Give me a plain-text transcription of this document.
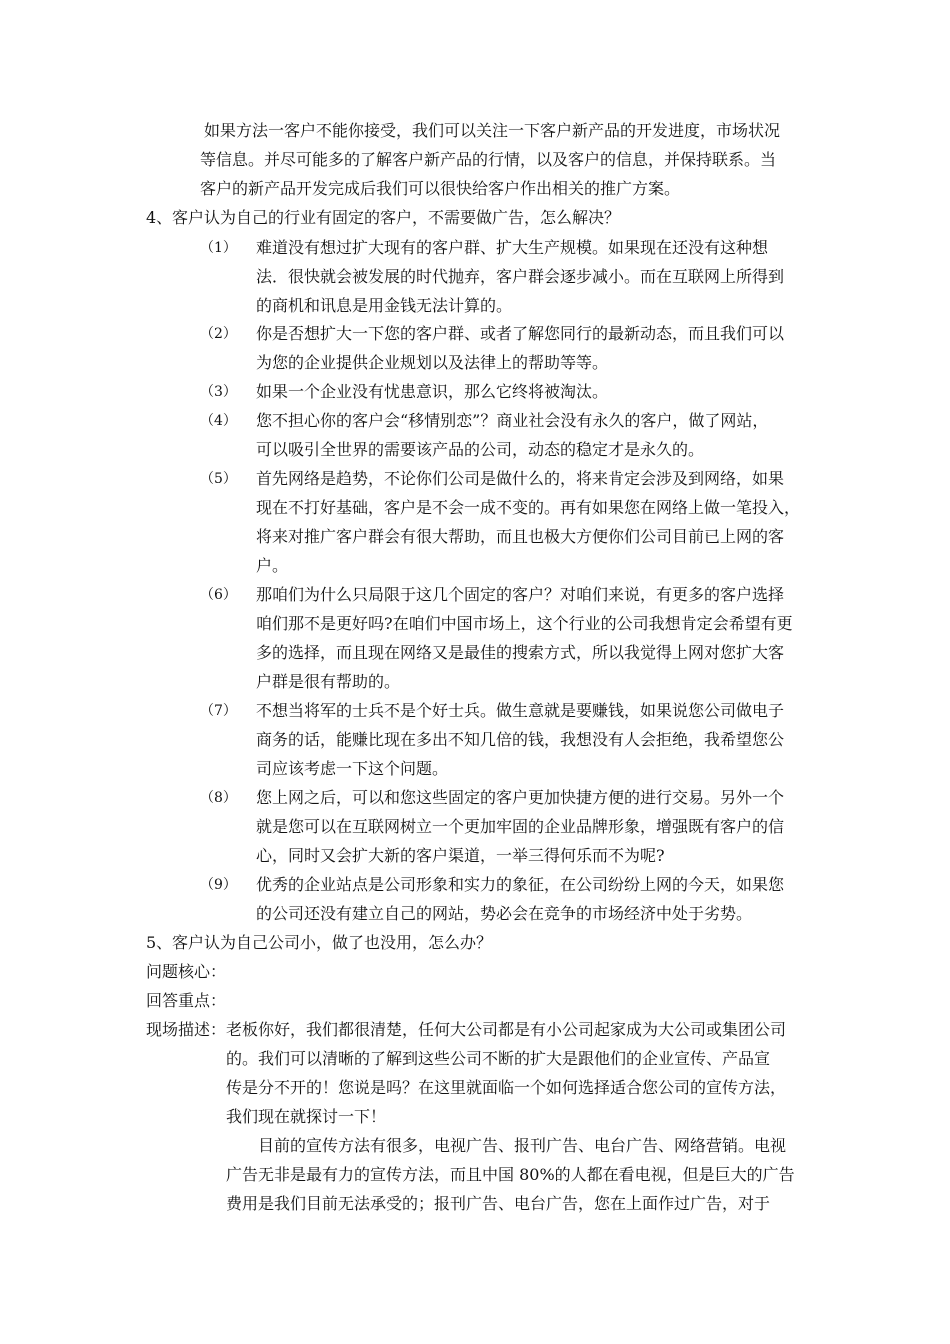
如果方法一客户不能你接受，我们可以关注一下客户新产品的开发进度，市场状况
等信息。并尽可能多的了解客户新产品的行情，以及客户的信息，并保持联系。当
客户的新产品开发完成后我们可以很快给客户作出相关的推广方案。
4、 客户认为自己的行业有固定的客户，不需要做广告，怎么解决？
（1） 难道没有想过扩大现有的客户群、扩大生产规模。如果现在还没有这种想
法．很快就会被发展的时代抛弃，客户群会逐步减小。而在互联网上所得到
的商机和讯息是用金钱无法计算的。
（2） 你是否想扩大一下您的客户群、或者了解您同行的最新动态，而且我们可以
为您的企业提供企业规划以及法律上的帮助等等。
（3） 如果一个企业没有忧患意识，那么它终将被淘汰。
（4） 您不担心你的客户会“移情别恋”？商业社会没有永久的客户，做了网站，
可以吸引全世界的需要该产品的公司，动态的稳定才是永久的。
（5） 首先网络是趋势，不论你们公司是做什么的，将来肯定会涉及到网络，如果
现在不打好基础，客户是不会一成不变的。再有如果您在网络上做一笔投入，
将来对推广客户群会有很大帮助，而且也极大方便你们公司目前已上网的客
户。
（6） 那咱们为什么只局限于这几个固定的客户？对咱们来说，有更多的客户选择
咱们那不是更好吗?在咱们中国市场上，这个行业的公司我想肯定会希望有更
多的选择，而且现在网络又是最佳的搜索方式，所以我觉得上网对您扩大客
户群是很有帮助的。
（7） 不想当将军的士兵不是个好士兵。做生意就是要赚钱，如果说您公司做电子
商务的话，能赚比现在多出不知几倍的钱，我想没有人会拒绝，我希望您公
司应该考虑一下这个问题。
（8） 您上网之后，可以和您这些固定的客户更加快捷方便的进行交易。另外一个
就是您可以在互联网树立一个更加牢固的企业品牌形象，增强既有客户的信
心，同时又会扩大新的客户渠道，一举三得何乐而不为呢?
（9） 优秀的企业站点是公司形象和实力的象征，在公司纷纷上网的今天，如果您
的公司还没有建立自己的网站，势必会在竞争的市场经济中处于劣势。
5、 客户认为自己公司小，做了也没用，怎么办？
问题核心：
回答重点：
现场描述： 老板你好，我们都很清楚，任何大公司都是有小公司起家成为大公司或集团公司
的。我们可以清晰的了解到这些公司不断的扩大是跟他们的企业宣传、产品宣
传是分不开的！您说是吗？在这里就面临一个如何选择适合您公司的宣传方法，
我们现在就探讨一下！
目前的宣传方法有很多，电视广告、报刊广告、电台广告、网络营销。电视
广告无非是最有力的宣传方法，而且中国 80%的人都在看电视，但是巨大的广告
费用是我们目前无法承受的；报刊广告、电台广告，您在上面作过广告，对于
